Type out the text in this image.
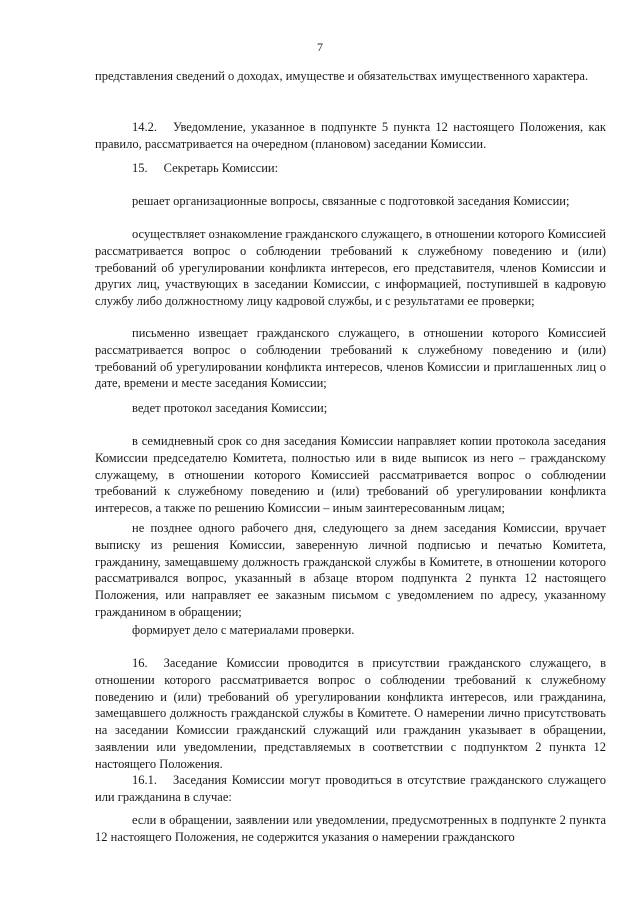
7

представления сведений о доходах, имуществе и обязательствах имущественного характера.

14.2. Уведомление, указанное в подпункте 5 пункта 12 настоящего Положения, как правило, рассматривается на очередном (плановом) заседании Комиссии.

15. Секретарь Комиссии:

решает организационные вопросы, связанные с подготовкой заседания Комиссии;

осуществляет ознакомление гражданского служащего, в отношении которого Комиссией рассматривается вопрос о соблюдении требований к служебному поведению и (или) требований об урегулировании конфликта интересов, его представителя, членов Комиссии и других лиц, участвующих в заседании Комиссии, с информацией, поступившей в кадровую службу либо должностному лицу кадровой службы, и с результатами ее проверки;

письменно извещает гражданского служащего, в отношении которого Комиссией рассматривается вопрос о соблюдении требований к служебному поведению и (или) требований об урегулировании конфликта интересов, членов Комиссии и приглашенных лиц о дате, времени и месте заседания Комиссии;

ведет протокол заседания Комиссии;

в семидневный срок со дня заседания Комиссии направляет копии протокола заседания Комиссии председателю Комитета, полностью или в виде выписок из него – гражданскому служащему, в отношении которого Комиссией рассматривается вопрос о соблюдении требований к служебному поведению и (или) требований об урегулировании конфликта интересов, а также по решению Комиссии – иным заинтересованным лицам;

не позднее одного рабочего дня, следующего за днем заседания Комиссии, вручает выписку из решения Комиссии, заверенную личной подписью и печатью Комитета, гражданину, замещавшему должность гражданской службы в Комитете, в отношении которого рассматривался вопрос, указанный в абзаце втором подпункта 2 пункта 12 настоящего Положения, или направляет ее заказным письмом с уведомлением по адресу, указанному гражданином в обращении;

формирует дело с материалами проверки.

16. Заседание Комиссии проводится в присутствии гражданского служащего, в отношении которого рассматривается вопрос о соблюдении требований к служебному поведению и (или) требований об урегулировании конфликта интересов, или гражданина, замещавшего должность гражданской службы в Комитете. О намерении лично присутствовать на заседании Комиссии гражданский служащий или гражданин указывает в обращении, заявлении или уведомлении, представляемых в соответствии с подпунктом 2 пункта 12 настоящего Положения.

16.1. Заседания Комиссии могут проводиться в отсутствие гражданского служащего или гражданина в случае:

если в обращении, заявлении или уведомлении, предусмотренных в подпункте 2 пункта 12 настоящего Положения, не содержится указания о намерении гражданского
